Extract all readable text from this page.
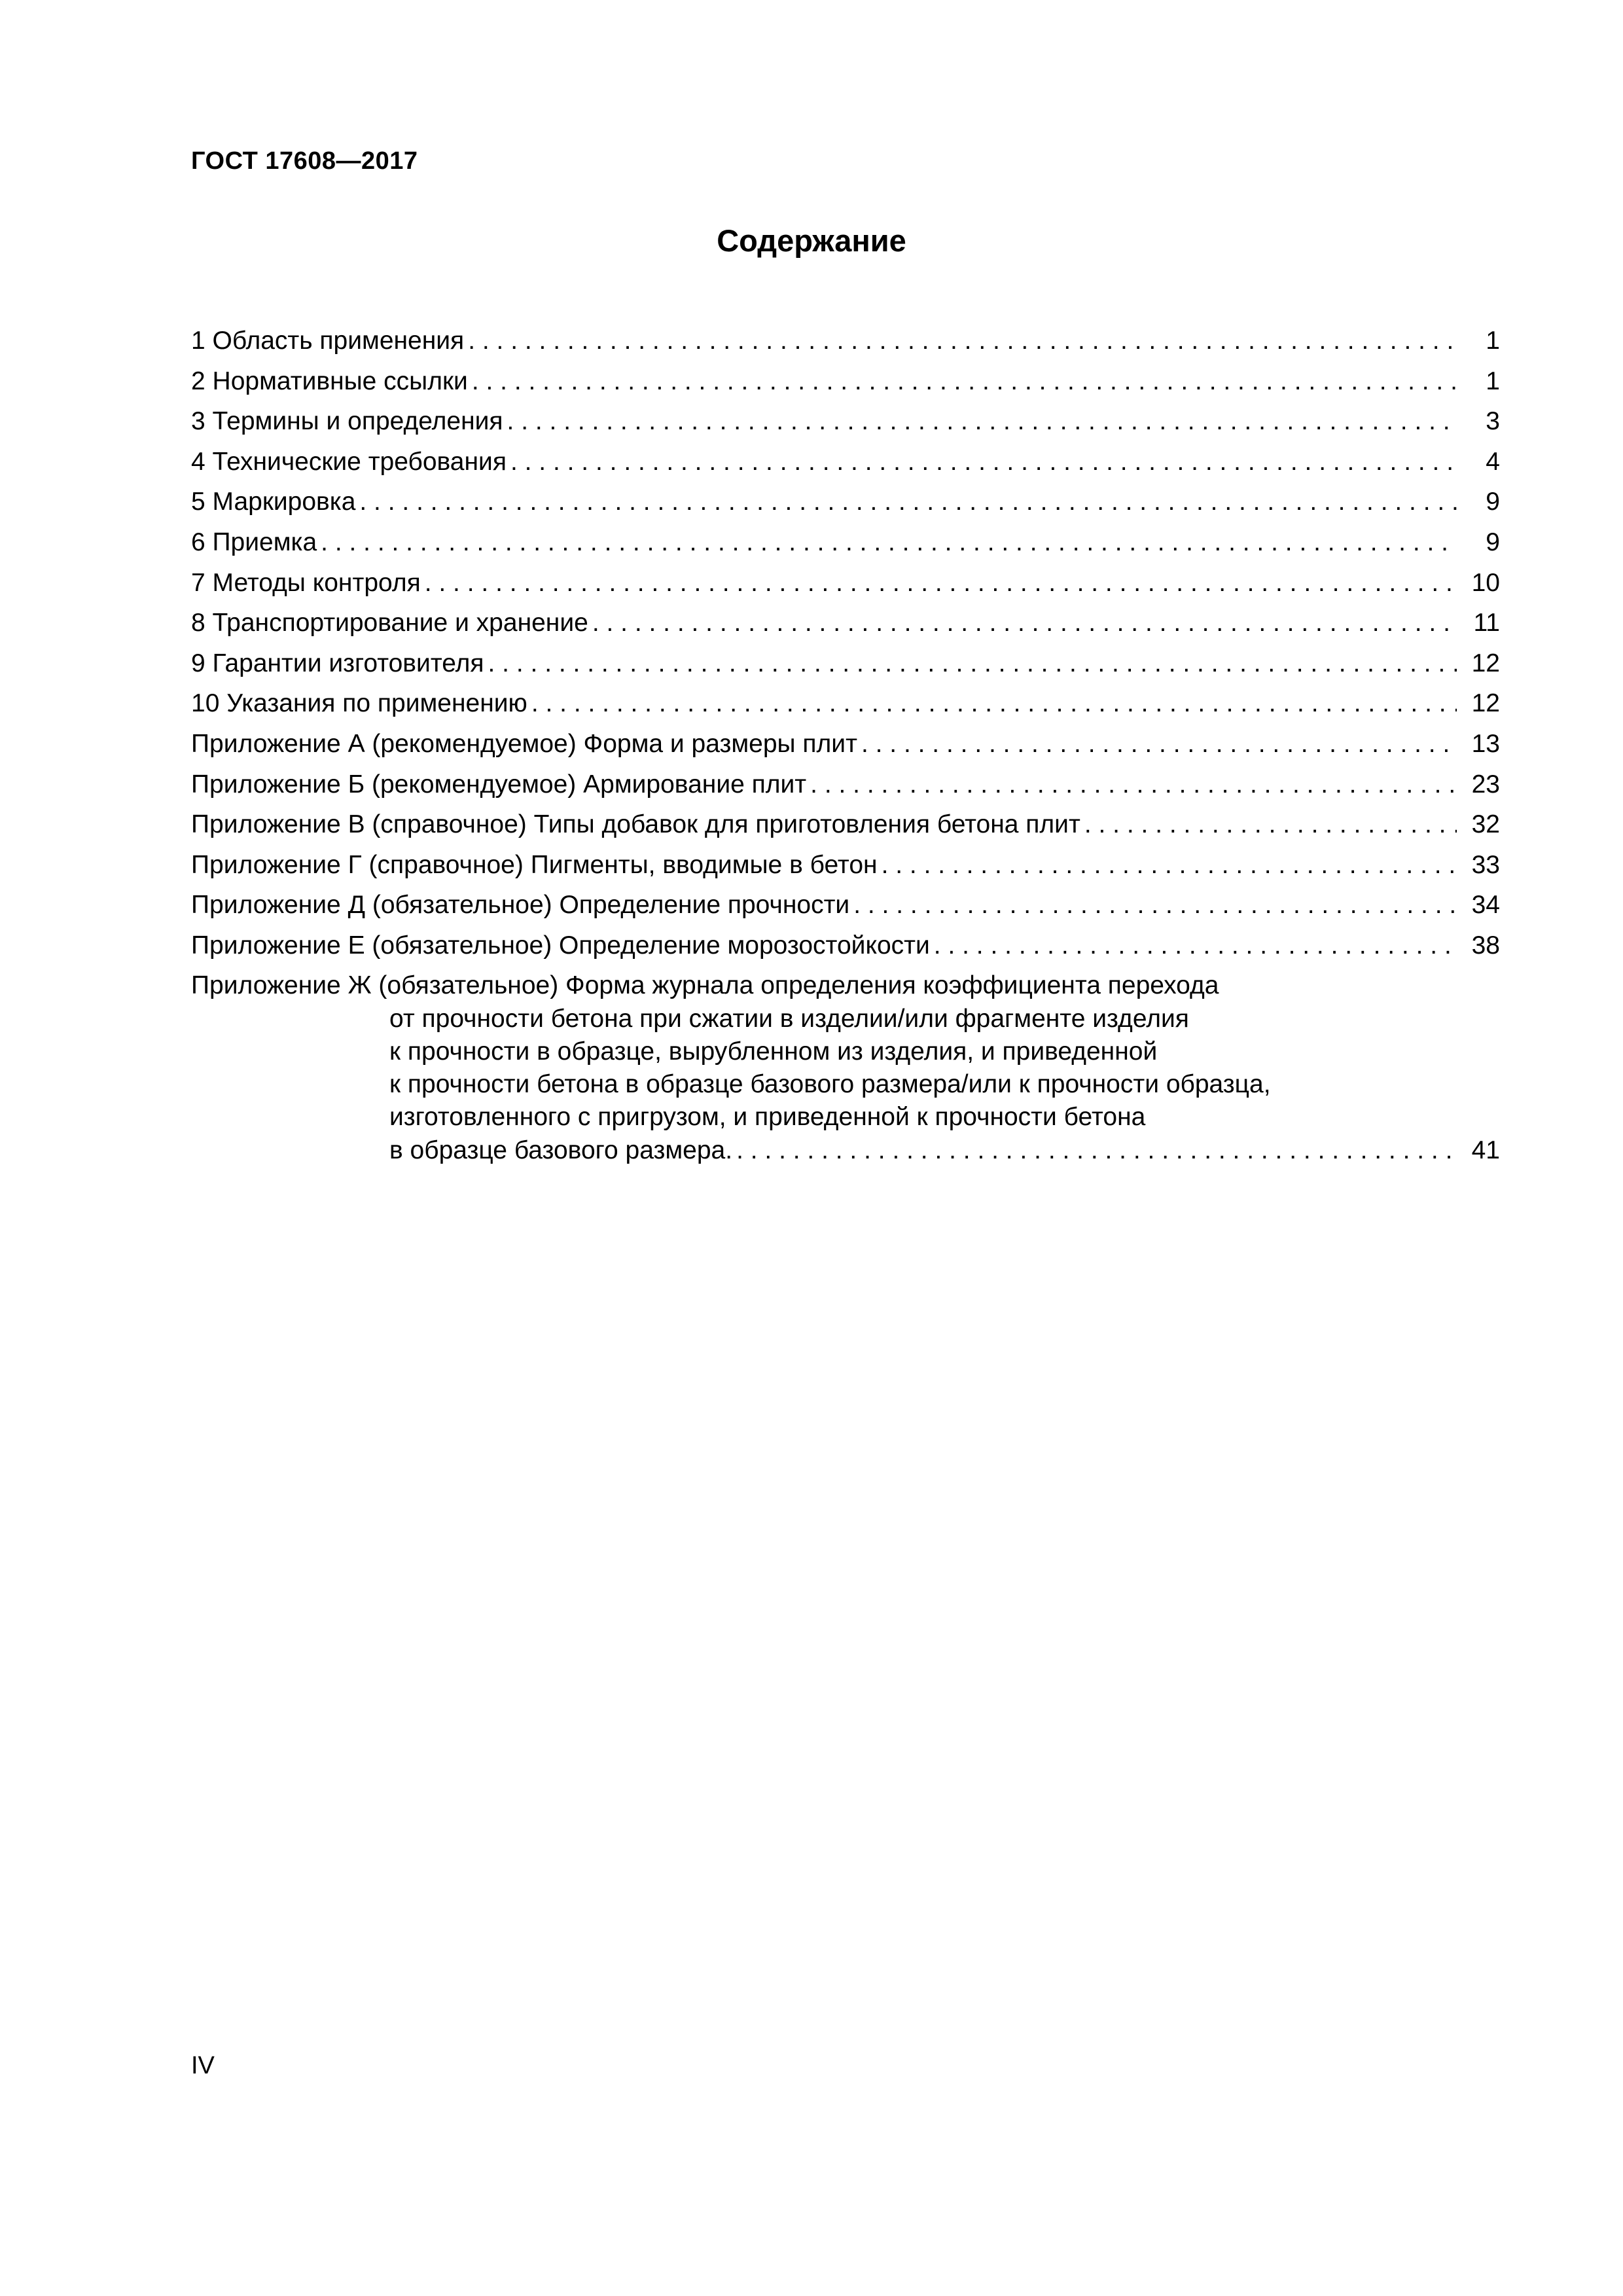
ГОСТ 17608—2017
Содержание
1 Область применения . . .	1
2 Нормативные ссылки . . .	1
3 Термины и определения . . .	3
4 Технические требования . . .	4
5 Маркировка . . .	9
6 Приемка . . .	9
7 Методы контроля . . .	10
8 Транспортирование и хранение . . .	11
9 Гарантии изготовителя . . .	12
10 Указания по применению . . .	12
Приложение А (рекомендуемое) Форма и размеры плит . . .	13
Приложение Б (рекомендуемое) Армирование плит . . .	23
Приложение В (справочное) Типы добавок для приготовления бетона плит . . .	32
Приложение Г (справочное) Пигменты, вводимые в бетон . . .	33
Приложение Д (обязательное) Определение прочности . . .	34
Приложение Е (обязательное) Определение морозостойкости . . .	38
Приложение Ж (обязательное) Форма журнала определения коэффициента перехода
от прочности бетона при сжатии в изделии/или фрагменте изделия
к прочности в образце, вырубленном из изделия, и приведенной
к прочности бетона в образце базового размера/или к прочности образца,
изготовленного с пригрузом, и приведенной к прочности бетона
в образце базового размера. . . .	41
IV
